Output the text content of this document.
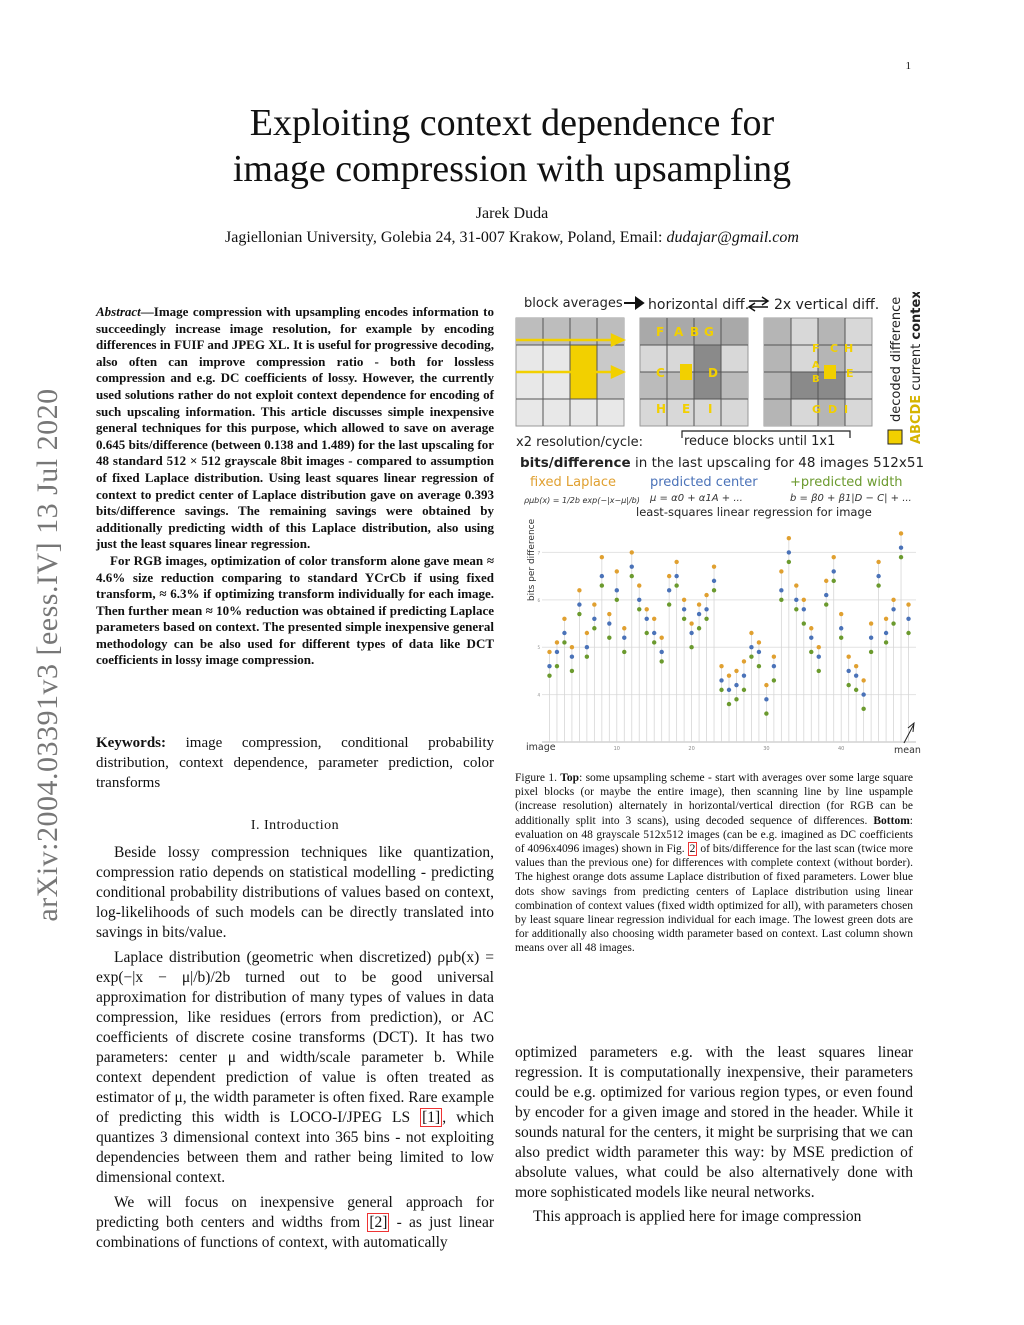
1
Exploiting context dependence for
image compression with upsampling
Jarek Duda
Jagiellonian University, Golebia 24, 31-007 Krakow, Poland, Email: dudajar@gmail.com
arXiv:2004.03391v3 [eess.IV] 13 Jul 2020

Abstract—Image compression with upsampling encodes information to succeedingly increase image resolution, for example by encoding differences in FUIF and JPEG XL. It is useful for progressive decoding, also often can improve compression ratio - both for lossless compression and e.g. DC coefficients of lossy. However, the currently used solutions rather do not exploit context dependence for encoding of such upscaling information. This article discusses simple inexpensive general techniques for this purpose, which allowed to save on average 0.645 bits/difference (between 0.138 and 1.489) for the last upscaling for 48 standard 512 × 512 grayscale 8bit images - compared to assumption of fixed Laplace distribution. Using least squares linear regression of context to predict center of Laplace distribution gave on average 0.393 bits/difference savings. The remaining savings were obtained by additionally predicting width of this Laplace distribution, also using just the least squares linear regression.

For RGB images, optimization of color transform alone gave mean ≈ 4.6% size reduction comparing to standard YCrCb if using fixed transform, ≈ 6.3% if optimizing transform individually for each image. Then further mean ≈ 10% reduction was obtained if predicting Laplace parameters based on context. The presented simple inexpensive general methodology can be also used for different types of data like DCT coefficients in lossy image compression.

Keywords: image compression, conditional probability distribution, context dependence, parameter prediction, color transforms
I. Introduction

Beside lossy compression techniques like quantization, compression ratio depends on statistical modelling - predicting conditional probability distributions of values based on context, log-likelihoods of such models can be directly translated into savings in bits/value.

Laplace distribution (geometric when discretized) ρμb(x) = exp(−|x − μ|/b)/2b turned out to be good universal approximation for distribution of many types of values in data compression, like residues (errors from prediction), or AC coefficients of discrete cosine transforms (DCT). It has two parameters: center μ and width/scale parameter b. While context dependent prediction of value is often treated as estimator of μ, the width parameter is often fixed. Rare example of predicting this width is LOCO-I/JPEG LS [1] , which quantizes 3 dimensional context into 365 bins - not exploiting dependencies between them and rather being limited to low dimensional context.

We will focus on inexpensive general approach for predicting both centers and widths from [2] - as just linear combinations of functions of context, with automatically

block averages horizontal diff. 2x vertical diff.
F A B G
C	D
H E I
F C H
A
B E
G D I	decoded difference ABCDE current context
x2 resolution/cycle:	reduce blocks until 1x1
bits/difference in the last upscaling for 48 images 512x512
fixed Laplace	predicted center +predicted width
ρμb(x) = 1/2b exp(−|x−μ|/b) μ = α0 + α1A + ...	b = β0 + β1|D − C| + ...
least-squares linear regression for image
4
5
6
7
10	20	30	40
bits per difference
image	mean
Figure 1. Top: some upsampling scheme - start with averages over some large square pixel blocks (or maybe the entire image), then scanning line by line uspample (increase resolution) alternately in horizontal/vertical direction (for RGB can be additionally split into 3 scans), using decoded sequence of differences. Bottom: evaluation on 48 grayscale 512x512 images (can be e.g. imagined as DC coefficients of 4096x4096 images) shown in Fig. 2 of bits/difference for the last scan (twice more values than the previous one) for differences with complete context (without border). The highest orange dots assume Laplace distribution of fixed parameters. Lower blue dots show savings from predicting centers of Laplace distribution using linear combination of context values (fixed width optimized for all), with parameters chosen by least square linear regression individual for each image. The lowest green dots are for additionally also choosing width parameter based on context. Last column shown means over all 48 images.

optimized parameters e.g. with the least squares linear regression. It is computationally inexpensive, their parameters could be e.g. optimized for various region types, or even found by encoder for a given image and stored in the header. While it sounds natural for the centers, it might be surprising that we can also predict width parameter this way: by MSE prediction of absolute values, what could be also alternatively done with more sophisticated models like neural networks.

This approach is applied here for image compression
